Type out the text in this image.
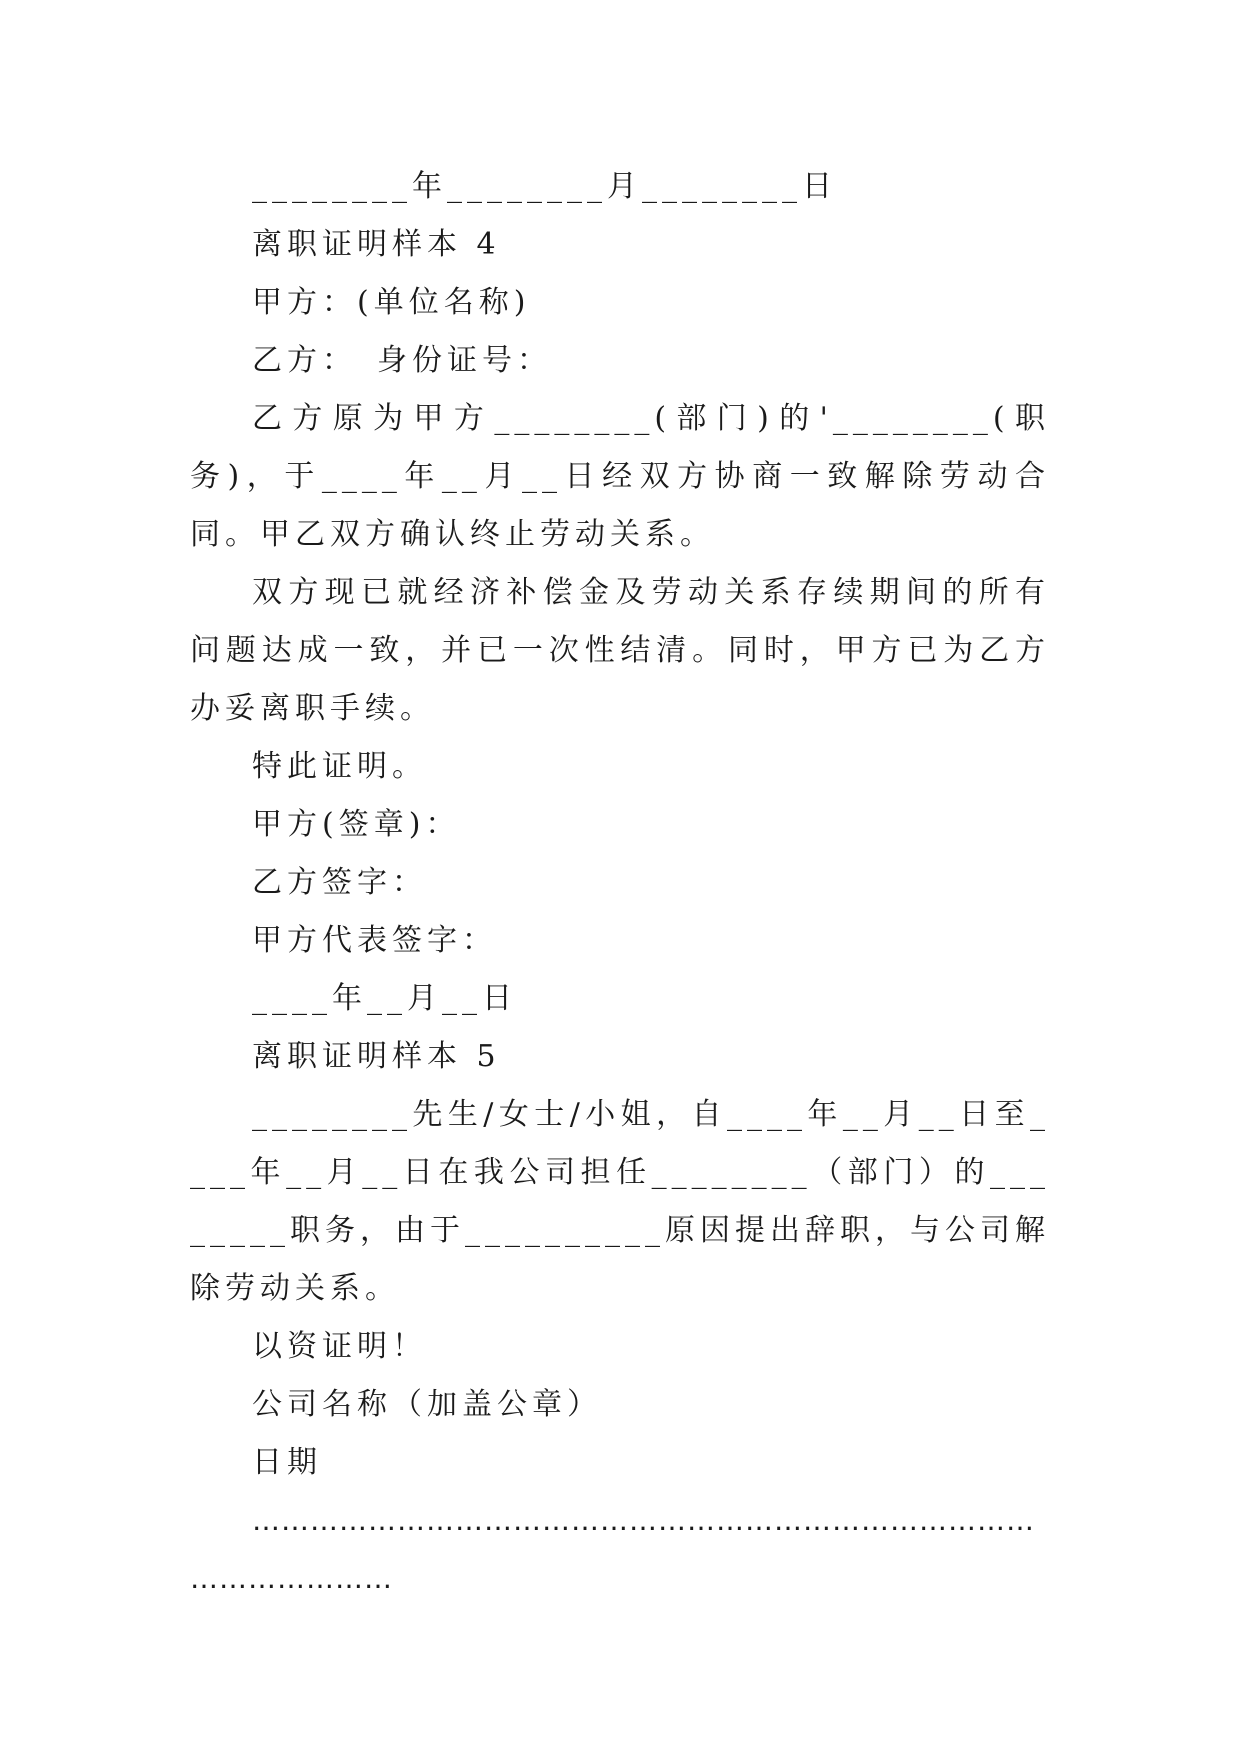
________年________月________日

离职证明样本 4

甲方：(单位名称)

乙方：　身份证号：

乙方原为甲方________(部门)的'________(职务)，于____年__月__日经双方协商一致解除劳动合同。甲乙双方确认终止劳动关系。

双方现已就经济补偿金及劳动关系存续期间的所有问题达成一致，并已一次性结清。同时，甲方已为乙方办妥离职手续。

特此证明。

甲方(签章)：

乙方签字：

甲方代表签字：

____年__月__日

离职证明样本 5

________先生/女士/小姐，自____年__月__日至____年__月__日在我公司担任________（部门）的________职务，由于__________原因提出辞职，与公司解除劳动关系。

以资证明！

公司名称（加盖公章）

日期

…………………………………………………………………………………………
